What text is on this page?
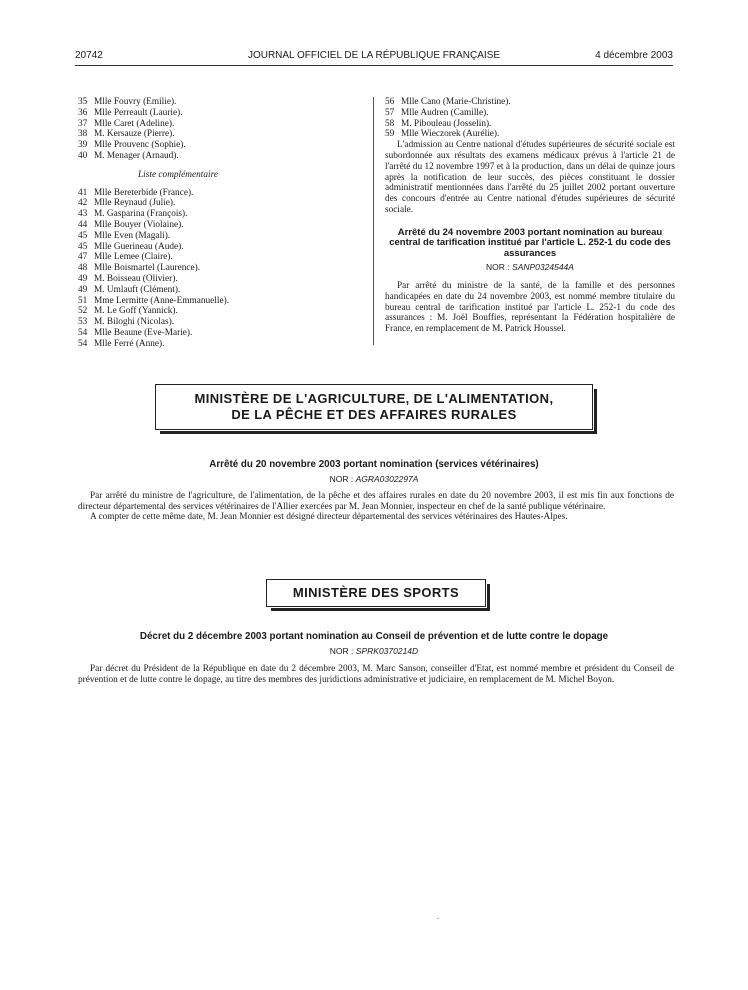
20742	JOURNAL OFFICIEL DE LA RÉPUBLIQUE FRANÇAISE	4 décembre 2003
35 Mlle Fouvry (Emilie).
36 Mlle Perreault (Laurie).
37 Mlle Caret (Adeline).
38 M. Kersauze (Pierre).
39 Mlle Prouvenc (Sophie).
40 M. Menager (Arnaud).
Liste complémentaire
41 Mlle Bereterbide (France).
42 Mlle Reynaud (Julie).
43 M. Gasparina (François).
44 Mlle Bouyer (Violaine).
45 Mlle Even (Magali).
45 Mlle Guerineau (Aude).
47 Mlle Lemee (Claire).
48 Mlle Boismartel (Laurence).
49 M. Boisseau (Olivier).
49 M. Umlauft (Clément).
51 Mme Lermitte (Anne-Emmanuelle).
52 M. Le Goff (Yannick).
53 M. Biloghi (Nicolas).
54 Mlle Beaune (Eve-Marie).
54 Mlle Ferré (Anne).
56 Mlle Cano (Marie-Christine).
57 Mlle Audren (Camille).
58 M. Pibouleau (Josselin).
59 Mlle Wieczorek (Aurélie).

L'admission au Centre national d'études supérieures de sécurité sociale est subordonnée aux résultats des examens médicaux prévus à l'article 21 de l'arrêté du 12 novembre 1997 et à la production, dans un délai de quinze jours après la notification de leur succès, des pièces constituant le dossier administratif mentionnées dans l'arrêté du 25 juillet 2002 portant ouverture des concours d'entrée au Centre national d'études supérieures de sécurité sociale.

Arrêté du 24 novembre 2003 portant nomination au bureau central de tarification institué par l'article L. 252-1 du code des assurances
NOR : SANP0324544A

Par arrêté du ministre de la santé, de la famille et des personnes handicapées en date du 24 novembre 2003, est nommé membre titulaire du bureau central de tarification institué par l'article L. 252-1 du code des assurances : M. Joël Bouffies, représentant la Fédération hospitalière de France, en remplacement de M. Patrick Houssel.

MINISTÈRE DE L'AGRICULTURE, DE L'ALIMENTATION,
DE LA PÊCHE ET DES AFFAIRES RURALES
Arrêté du 20 novembre 2003 portant nomination (services vétérinaires)
NOR : AGRA0302297A

Par arrêté du ministre de l'agriculture, de l'alimentation, de la pêche et des affaires rurales en date du 20 novembre 2003, il est mis fin aux fonctions de directeur départemental des services vétérinaires de l'Allier exercées par M. Jean Monnier, inspecteur en chef de la santé publique vétérinaire.

A compter de cette même date, M. Jean Monnier est désigné directeur départemental des services vétérinaires des Hautes-Alpes.

MINISTÈRE DES SPORTS
Décret du 2 décembre 2003 portant nomination au Conseil de prévention et de lutte contre le dopage
NOR : SPRK0370214D

Par décret du Président de la République en date du 2 décembre 2003, M. Marc Sanson, conseiller d'Etat, est nommé membre et président du Conseil de prévention et de lutte contre le dopage, au titre des membres des juridictions administrative et judiciaire, en remplacement de M. Michel Boyon.

.
